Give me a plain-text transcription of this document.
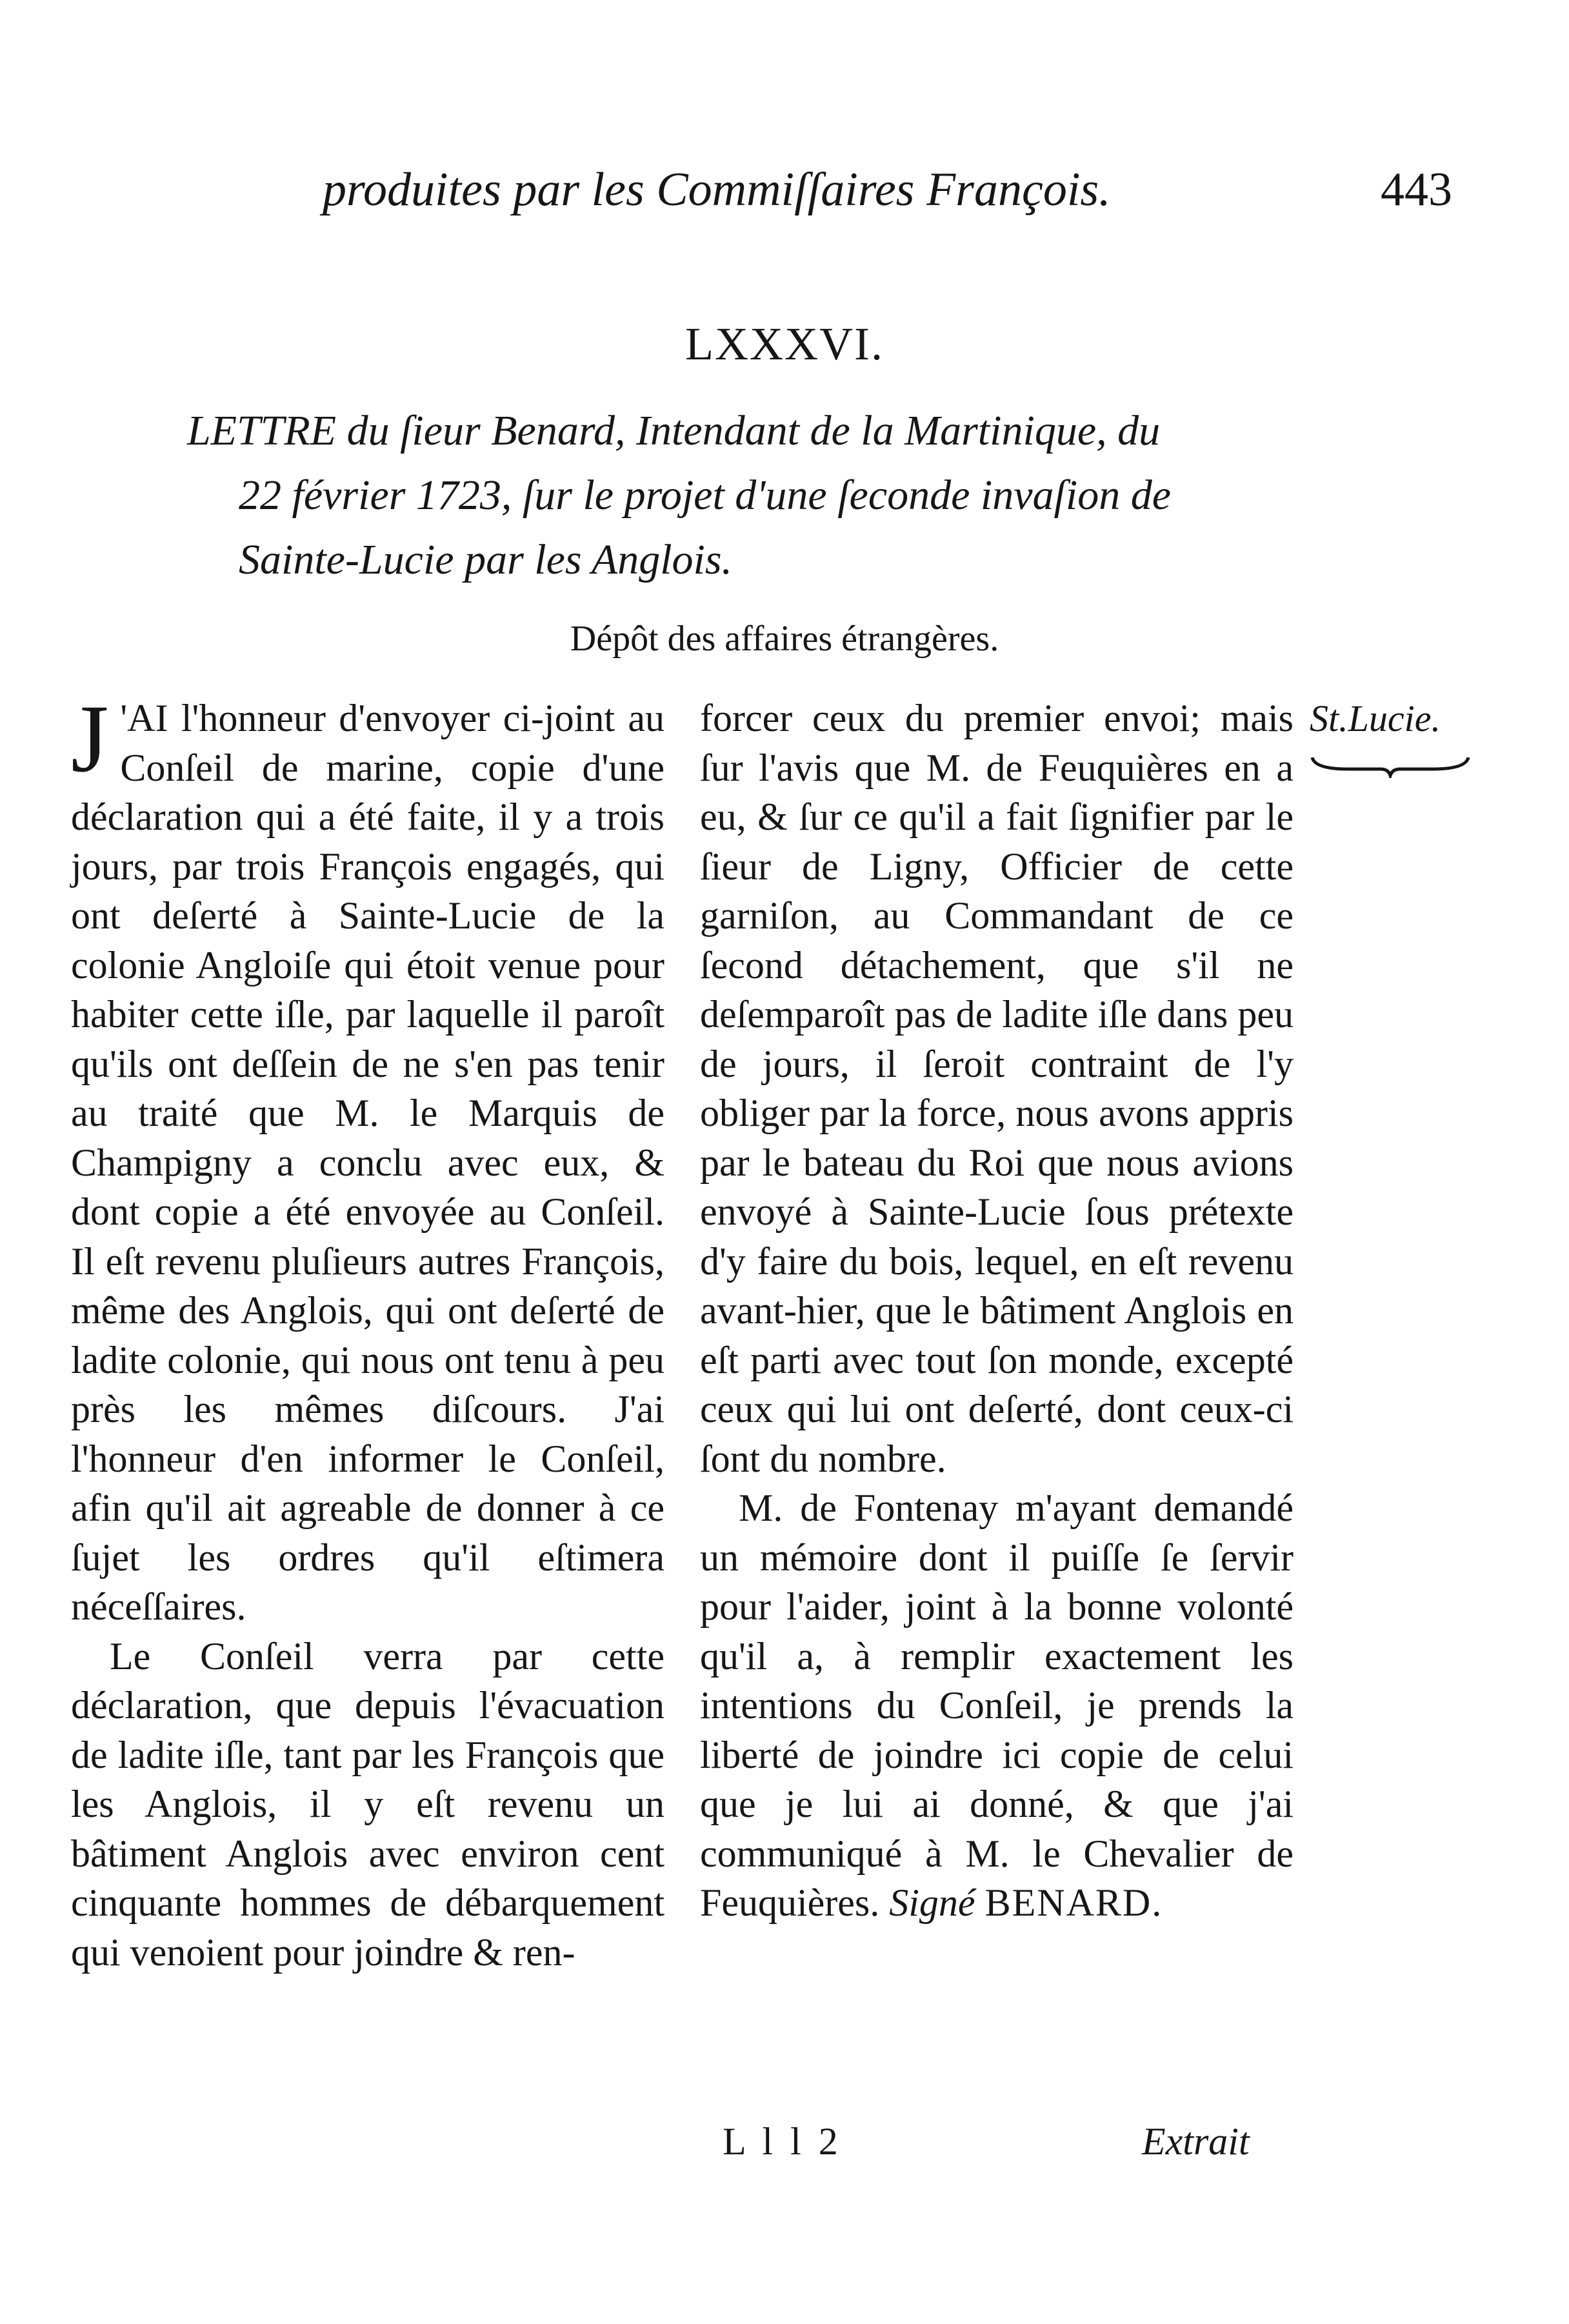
produites par les Commiſſaires François.	443
LXXXVI.
LETTRE du ſieur Benard, Intendant de la Martinique, du
22 février 1723, ſur le projet d'une ſeconde invaſion de Sainte-Lucie par les Anglois.
Dépôt des affaires étrangères.
St.Lucie.

J 'AI l'honneur d'envoyer ci-joint au Conſeil de marine, copie d'une déclaration qui a été faite, il y a trois jours, par trois François engagés, qui ont deſerté à Sainte-Lucie de la colonie Angloiſe qui étoit venue pour habiter cette iſle, par laquelle il paroît qu'ils ont deſſein de ne s'en pas tenir au traité que M. le Marquis de Champigny a conclu avec eux, & dont copie a été envoyée au Conſeil. Il eſt revenu pluſieurs autres François, même des Anglois, qui ont deſerté de ladite colonie, qui nous ont tenu à peu près les mêmes diſcours. J'ai l'honneur d'en informer le Conſeil, afin qu'il ait agreable de donner à ce ſujet les ordres qu'il eſtimera néceſſaires.

Le Conſeil verra par cette déclaration, que depuis l'évacuation de ladite iſle, tant par les François que les Anglois, il y eſt revenu un bâtiment Anglois avec environ cent cinquante hommes de débarquement qui venoient pour joindre & ren-

forcer ceux du premier envoi; mais ſur l'avis que M. de Feuquières en a eu, & ſur ce qu'il a fait ſignifier par le ſieur de Ligny, Officier de cette garniſon, au Commandant de ce ſecond détachement, que s'il ne deſemparoît pas de ladite iſle dans peu de jours, il ſeroit contraint de l'y obliger par la force, nous avons appris par le bateau du Roi que nous avions envoyé à Sainte-Lucie ſous prétexte d'y faire du bois, lequel, en eſt revenu avant-hier, que le bâtiment Anglois en eſt parti avec tout ſon monde, excepté ceux qui lui ont deſerté, dont ceux-ci ſont du nombre.

M. de Fontenay m'ayant demandé un mémoire dont il puiſſe ſe ſervir pour l'aider, joint à la bonne volonté qu'il a, à remplir exactement les intentions du Conſeil, je prends la liberté de joindre ici copie de celui que je lui ai donné, & que j'ai communiqué à M. le Chevalier de Feuquières. Signé BENARD.

L l l 2	Extrait
